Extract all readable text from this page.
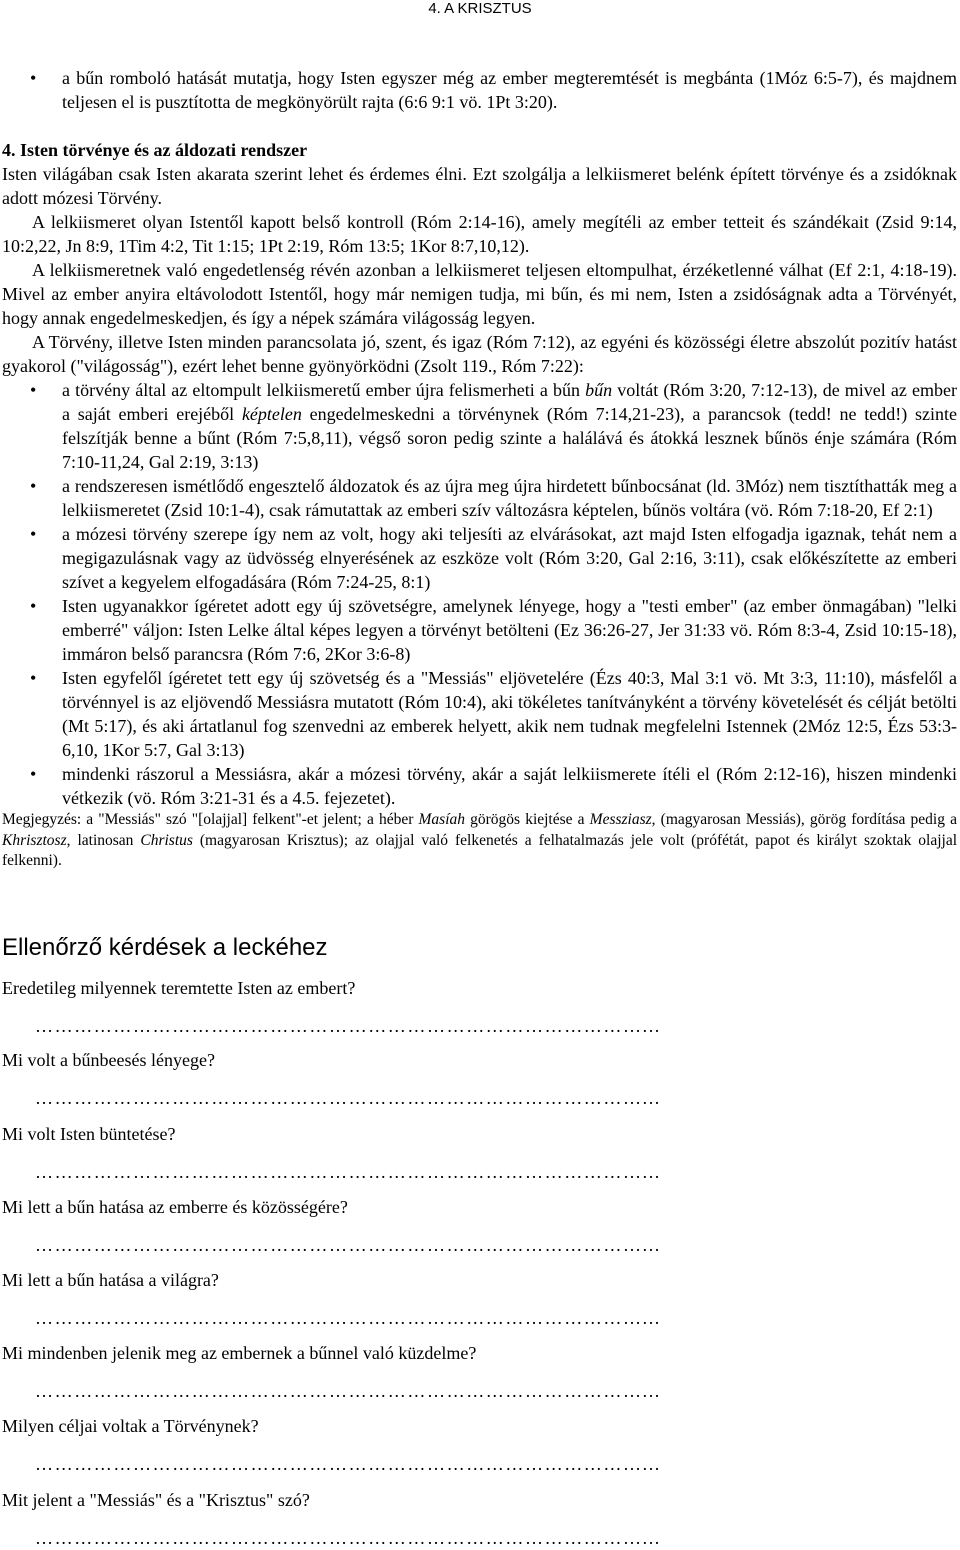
4. A KRISZTUS
• a bűn romboló hatását mutatja, hogy Isten egyszer még az ember megteremtését is megbánta (1Móz 6:5-7), és majdnem teljesen el is pusztította de megkönyörült rajta (6:6 9:1 vö. 1Pt 3:20).

4. Isten törvénye és az áldozati rendszer

Isten világában csak Isten akarata szerint lehet és érdemes élni. Ezt szolgálja a lelkiismeret belénk épített törvénye és a zsidóknak adott mózesi Törvény.

A lelkiismeret olyan Istentől kapott belső kontroll (Róm 2:14-16), amely megítéli az ember tetteit és szándékait (Zsid 9:14, 10:2,22, Jn 8:9, 1Tim 4:2, Tit 1:15; 1Pt 2:19, Róm 13:5; 1Kor 8:7,10,12).

A lelkiismeretnek való engedetlenség révén azonban a lelkiismeret teljesen eltompulhat, érzéketlenné válhat (Ef 2:1, 4:18-19). Mivel az ember anyira eltávolodott Istentől, hogy már nemigen tudja, mi bűn, és mi nem, Isten a zsidóságnak adta a Törvényét, hogy annak engedelmeskedjen, és így a népek számára világosság legyen.

A Törvény, illetve Isten minden parancsolata jó, szent, és igaz (Róm 7:12), az egyéni és közösségi életre abszolút pozitív hatást gyakorol ("világosság"), ezért lehet benne gyönyörködni (Zsolt 119., Róm 7:22):

• a törvény által az eltompult lelkiismeretű ember újra felismerheti a bűn bűn voltát (Róm 3:20, 7:12-13), de mivel az ember a saját emberi erejéből képtelen engedelmeskedni a törvénynek (Róm 7:14,21-23), a parancsok (tedd! ne tedd!) szinte felszítják benne a bűnt (Róm 7:5,8,11), végső soron pedig szinte a halálává és átokká lesznek bűnös énje számára (Róm 7:10-11,24, Gal 2:19, 3:13)
• a rendszeresen ismétlődő engesztelő áldozatok és az újra meg újra hirdetett bűnbocsánat (ld. 3Móz) nem tisztíthatták meg a lelkiismeretet (Zsid 10:1-4), csak rámutattak az emberi szív változásra képtelen, bűnös voltára (vö. Róm 7:18-20, Ef 2:1)
• a mózesi törvény szerepe így nem az volt, hogy aki teljesíti az elvárásokat, azt majd Isten elfogadja igaznak, tehát nem a megigazulásnak vagy az üdvösség elnyerésének az eszköze volt (Róm 3:20, Gal 2:16, 3:11), csak előkészítette az emberi szívet a kegyelem elfogadására (Róm 7:24-25, 8:1)
• Isten ugyanakkor ígéretet adott egy új szövetségre, amelynek lényege, hogy a "testi ember" (az ember önmagában) "lelki emberré" váljon: Isten Lelke által képes legyen a törvényt betölteni (Ez 36:26-27, Jer 31:33 vö. Róm 8:3-4, Zsid 10:15-18), immáron belső parancsra (Róm 7:6, 2Kor 3:6-8)
• Isten egyfelől ígéretet tett egy új szövetség és a "Messiás" eljövetelére (Ézs 40:3, Mal 3:1 vö. Mt 3:3, 11:10), másfelől a törvénnyel is az eljövendő Messiásra mutatott (Róm 10:4), aki tökéletes tanítványként a törvény követelését és célját betölti (Mt 5:17), és aki ártatlanul fog szenvedni az emberek helyett, akik nem tudnak megfelelni Istennek (2Móz 12:5, Ézs 53:3-6,10, 1Kor 5:7, Gal 3:13)
• mindenki rászorul a Messiásra, akár a mózesi törvény, akár a saját lelkiismerete ítéli el (Róm 2:12-16), hiszen mindenki vétkezik (vö. Róm 3:21-31 és a 4.5. fejezetet).

Megjegyzés: a "Messiás" szó "[olajjal] felkent"-et jelent; a héber Masíah görögös kiejtése a Messziasz, (magyarosan Messiás), görög fordítása pedig a Khrisztosz, latinosan Christus (magyarosan Krisztus); az olajjal való felkenetés a felhatalmazás jele volt (prófétát, papot és királyt szoktak olajjal felkenni).

Ellenőrző kérdések a leckéhez
Eredetileg milyennek teremtette Isten az embert?
…………………………………………………………………………………...
Mi volt a bűnbeesés lényege?
…………………………………………………………………………………...
Mi volt Isten büntetése?
…………………………………………………………………………………...
Mi lett a bűn hatása az emberre és közösségére?
…………………………………………………………………………………...
Mi lett a bűn hatása a világra?
…………………………………………………………………………………...
Mi mindenben jelenik meg az embernek a bűnnel való küzdelme?
…………………………………………………………………………………...
Milyen céljai voltak a Törvénynek?
…………………………………………………………………………………...
Mit jelent a "Messiás" és a "Krisztus" szó?
…………………………………………………………………………………...
